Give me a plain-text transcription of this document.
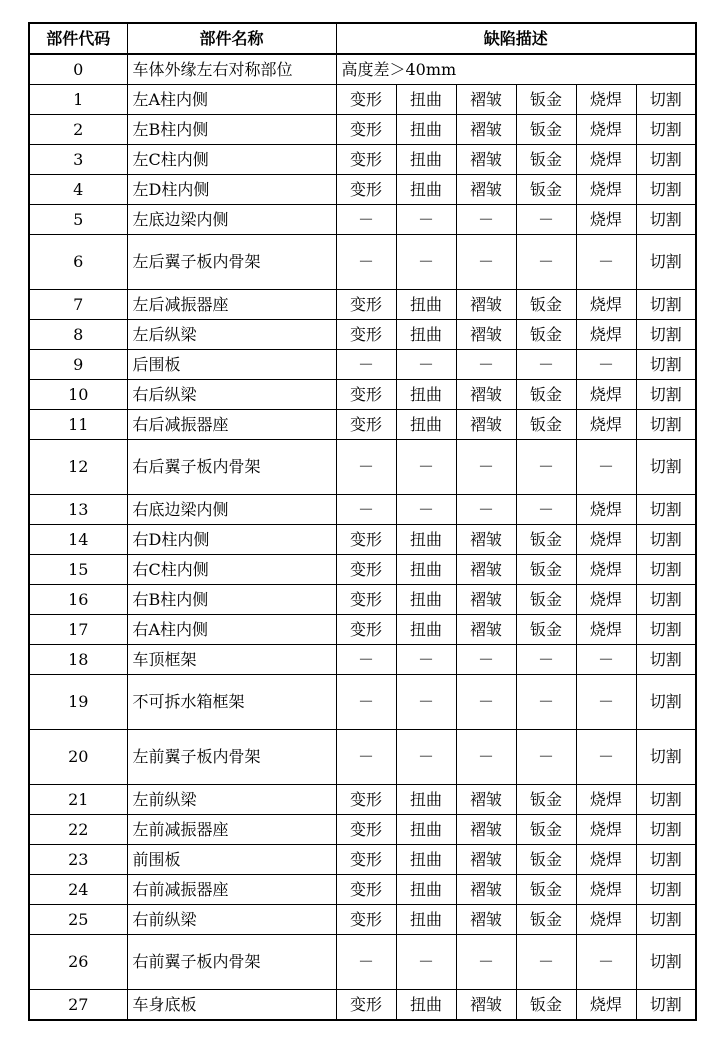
部件代码	部件名称	缺陷描述					
0	车体外缘左右对称部位	高度差＞40mm					
1	左A柱内侧	变形	扭曲	褶皱	钣金	烧焊	切割
2	左B柱内侧	变形	扭曲	褶皱	钣金	烧焊	切割
3	左C柱内侧	变形	扭曲	褶皱	钣金	烧焊	切割
4	左D柱内侧	变形	扭曲	褶皱	钣金	烧焊	切割
5	左底边梁内侧	－	－	－	－	烧焊	切割
6	左后翼子板内骨架	－	－	－	－	－	切割
7	左后减振器座	变形	扭曲	褶皱	钣金	烧焊	切割
8	左后纵梁	变形	扭曲	褶皱	钣金	烧焊	切割
9	后围板	－	－	－	－	－	切割
10	右后纵梁	变形	扭曲	褶皱	钣金	烧焊	切割
11	右后减振器座	变形	扭曲	褶皱	钣金	烧焊	切割
12	右后翼子板内骨架	－	－	－	－	－	切割
13	右底边梁内侧	－	－	－	－	烧焊	切割
14	右D柱内侧	变形	扭曲	褶皱	钣金	烧焊	切割
15	右C柱内侧	变形	扭曲	褶皱	钣金	烧焊	切割
16	右B柱内侧	变形	扭曲	褶皱	钣金	烧焊	切割
17	右A柱内侧	变形	扭曲	褶皱	钣金	烧焊	切割
18	车顶框架	－	－	－	－	－	切割
19	不可拆水箱框架	－	－	－	－	－	切割
20	左前翼子板内骨架	－	－	－	－	－	切割
21	左前纵梁	变形	扭曲	褶皱	钣金	烧焊	切割
22	左前减振器座	变形	扭曲	褶皱	钣金	烧焊	切割
23	前围板	变形	扭曲	褶皱	钣金	烧焊	切割
24	右前减振器座	变形	扭曲	褶皱	钣金	烧焊	切割
25	右前纵梁	变形	扭曲	褶皱	钣金	烧焊	切割
26	右前翼子板内骨架	－	－	－	－	－	切割
27	车身底板	变形	扭曲	褶皱	钣金	烧焊	切割
